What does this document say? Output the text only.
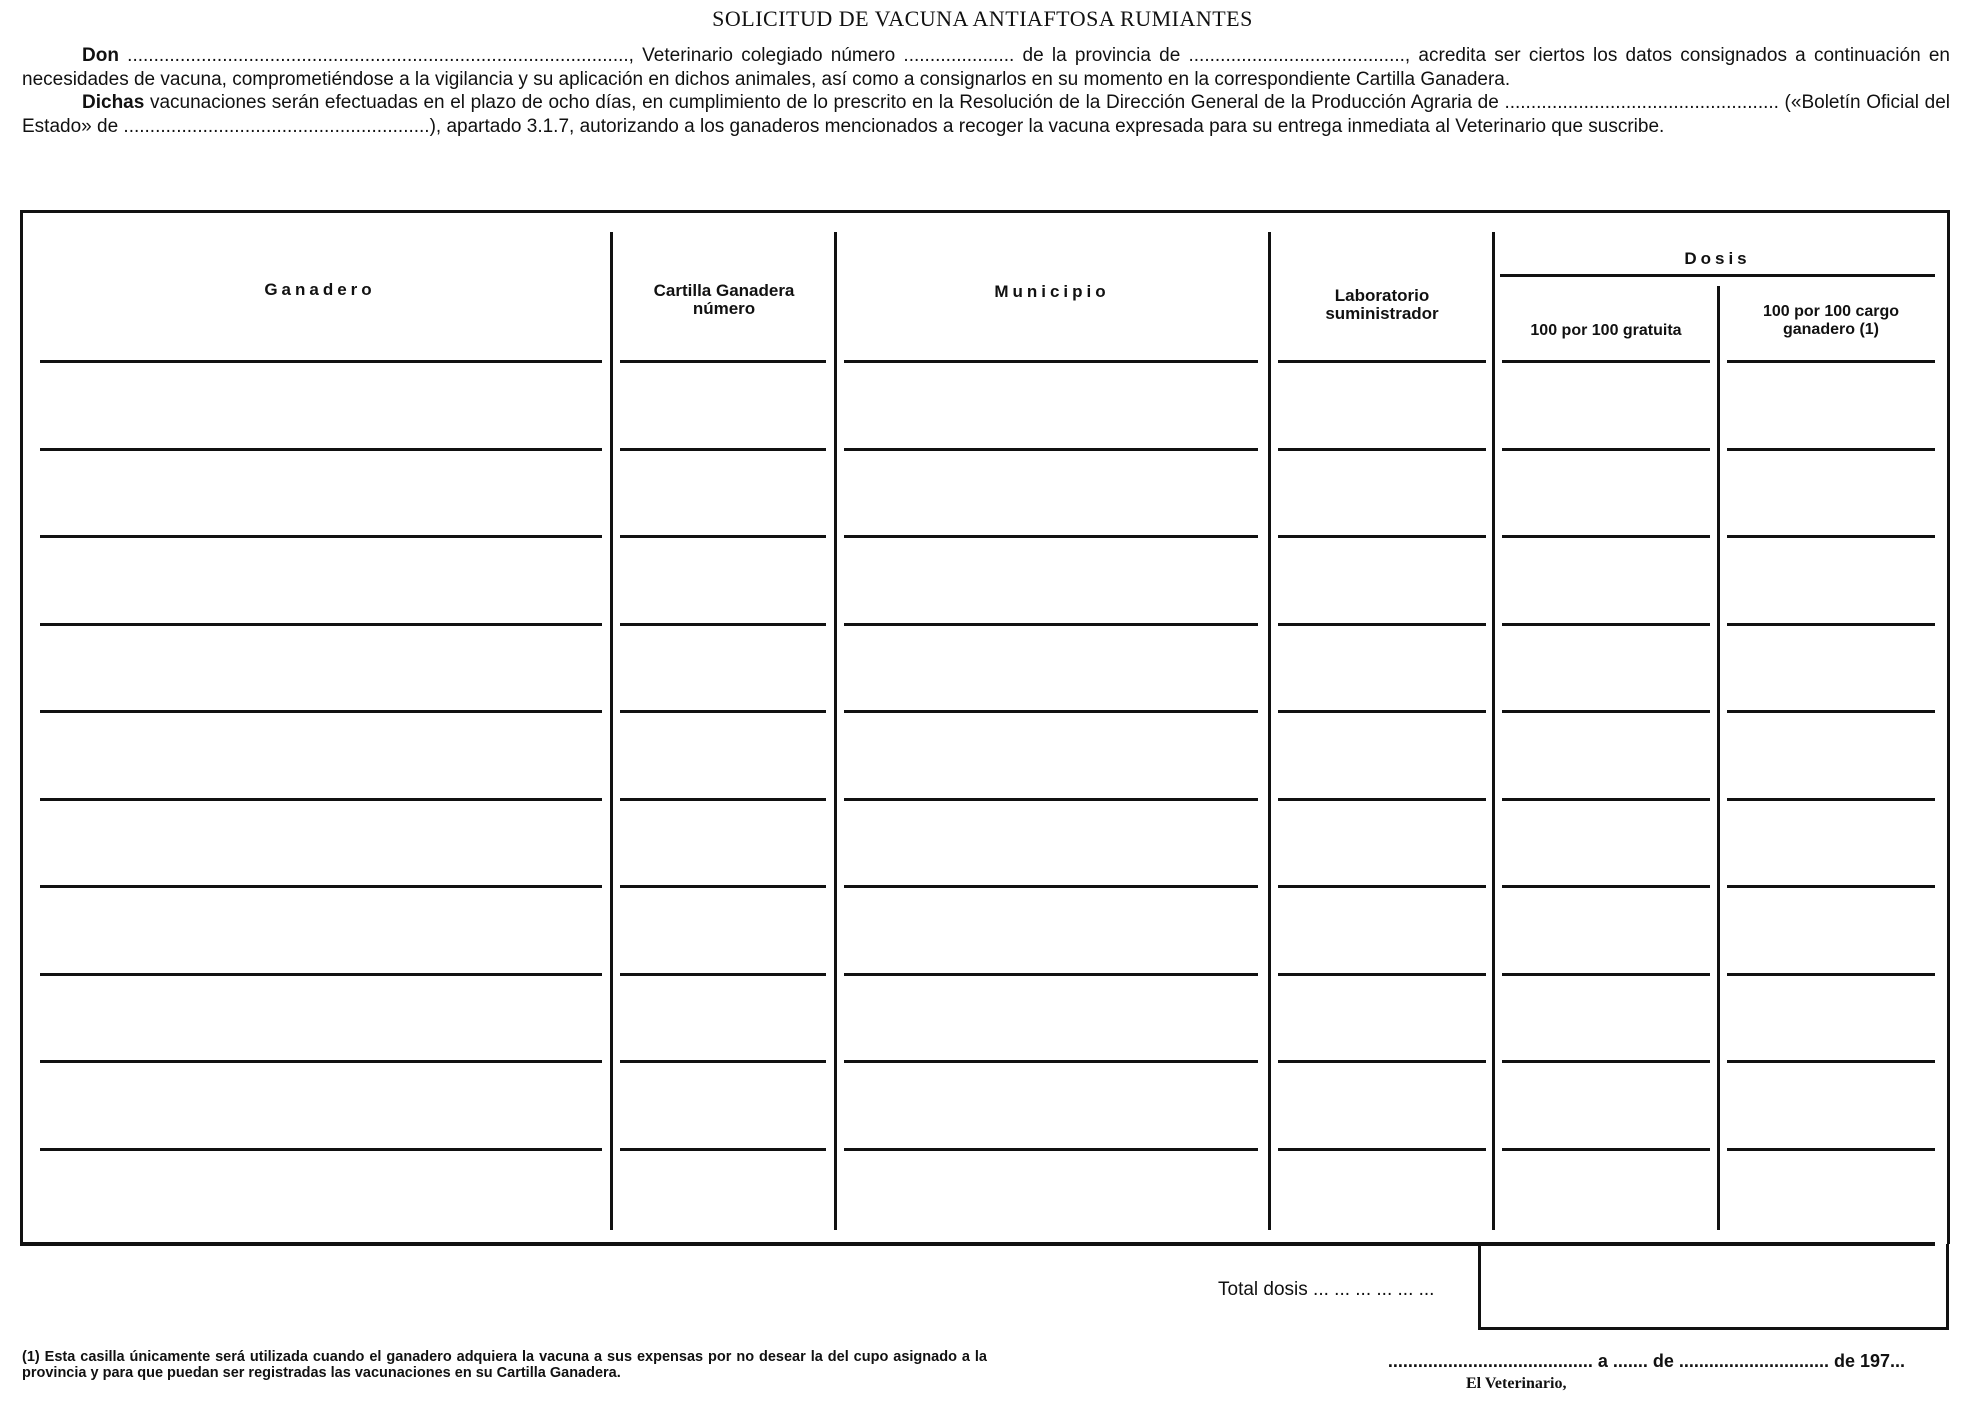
SOLICITUD DE VACUNA ANTIAFTOSA RUMIANTES

Don ..............................................................................................., Veterinario colegiado número ..................... de la provincia de ........................................., acredita ser ciertos los datos consignados a continuación en necesidades de vacuna, comprometiéndose a la vigilancia y su aplicación en dichos animales, así como a consignarlos en su momento en la correspondiente Cartilla Ganadera.

Dichas vacunaciones serán efectuadas en el plazo de ocho días, en cumplimiento de lo prescrito en la Resolución de la Dirección General de la Producción Agraria de .................................................... («Boletín Oficial del Estado» de ..........................................................), apartado 3.1.7, autorizando a los ganaderos mencionados a recoger la vacuna expresada para su entrega inmediata al Veterinario que suscribe.

Ganadero	Cartilla Ganadera número
Municipio	Laboratorio suministrador
Dosis
100 por 100 gratuita
100 por 100 cargo ganadero (1)
Total dosis ... ... ... ... ... ...
(1) Esta casilla únicamente será utilizada cuando el ganadero adquiera la vacuna a sus expensas por no desear la del cupo asignado a la provincia y para que puedan ser registradas las vacunaciones en su Cartilla Ganadera.
......................................... a ....... de .............................. de 197...
El Veterinario,
